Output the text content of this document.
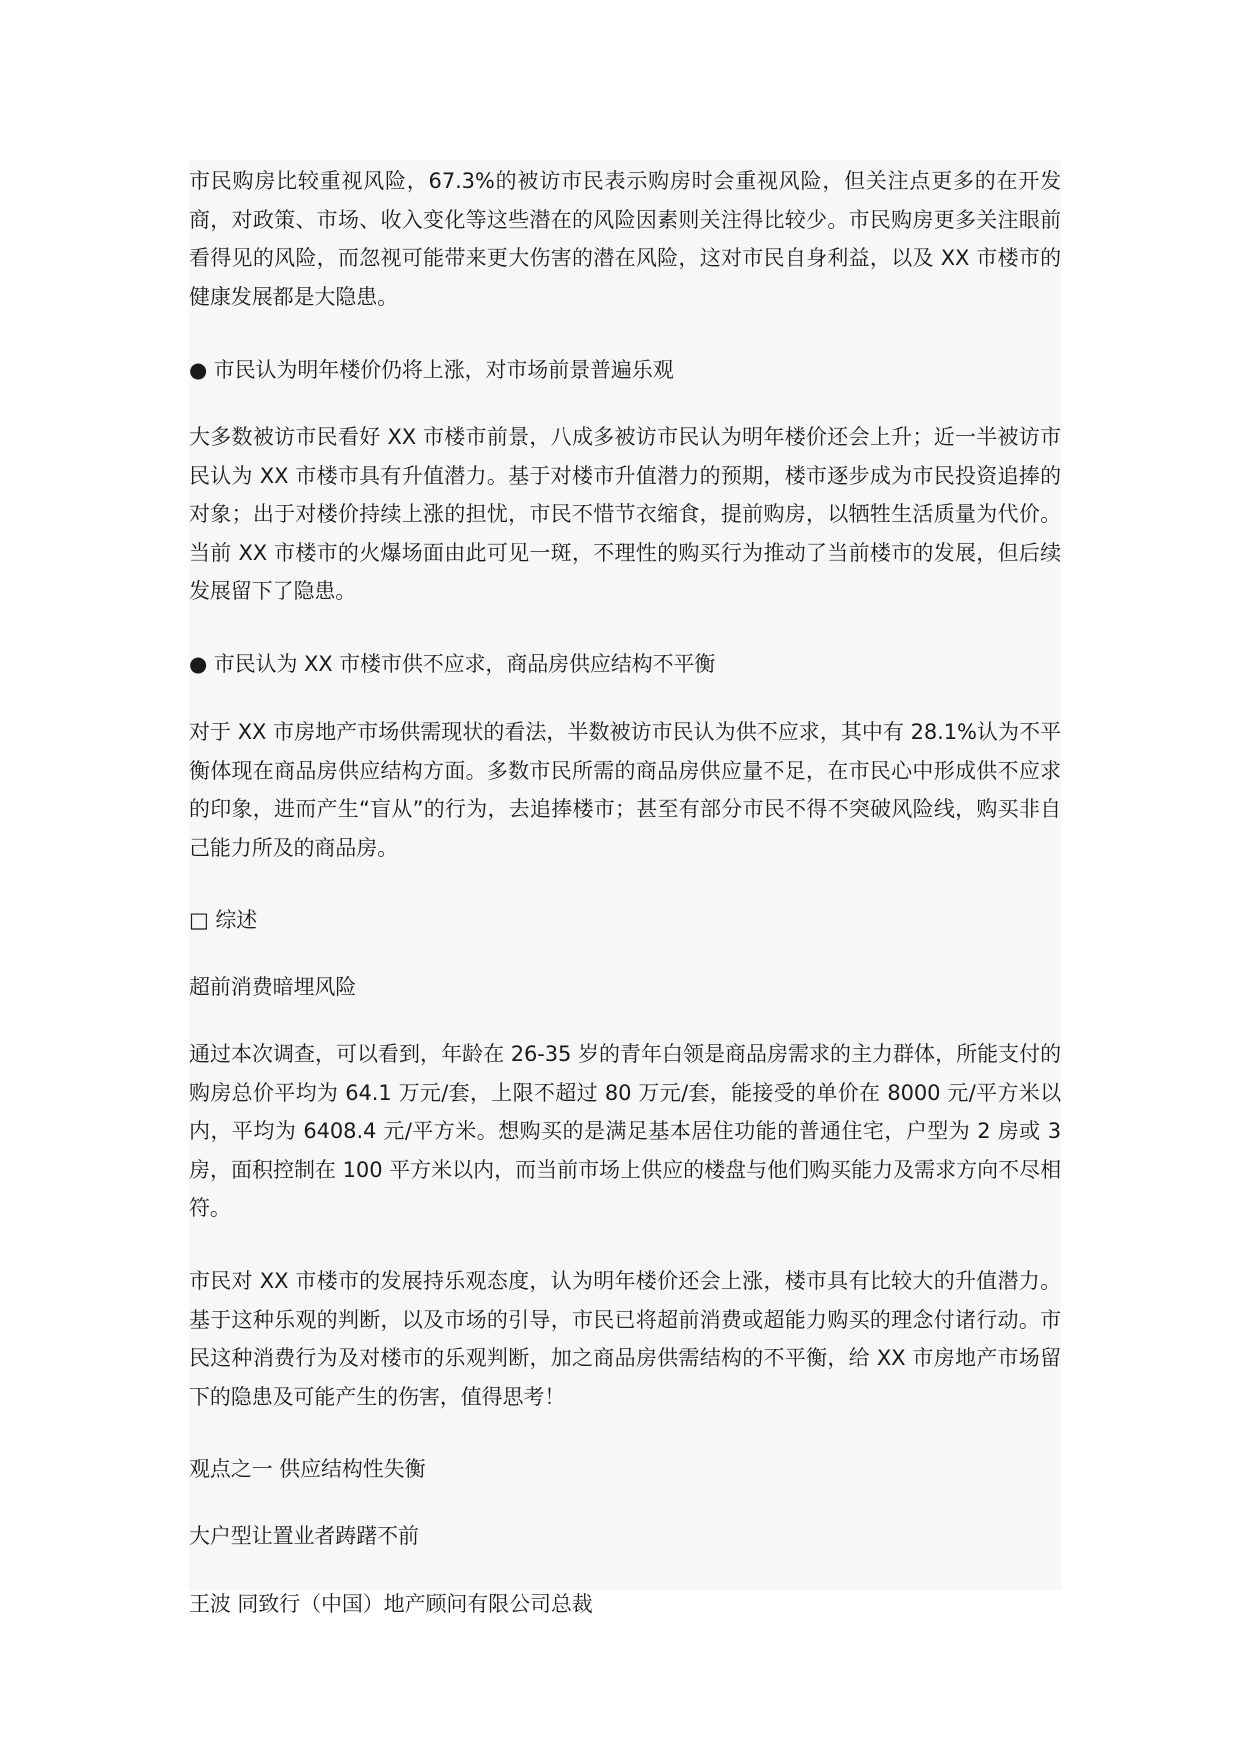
市民购房比较重视风险，67.3%的被访市民表示购房时会重视风险，但关注点更多的在开发商，对政策、市场、收入变化等这些潜在的风险因素则关注得比较少。市民购房更多关注眼前看得见的风险，而忽视可能带来更大伤害的潜在风险，这对市民自身利益，以及 XX 市楼市的健康发展都是大隐患。

● 市民认为明年楼价仍将上涨，对市场前景普遍乐观

大多数被访市民看好 XX 市楼市前景，八成多被访市民认为明年楼价还会上升；近一半被访市民认为 XX 市楼市具有升值潜力。基于对楼市升值潜力的预期，楼市逐步成为市民投资追捧的对象；出于对楼价持续上涨的担忧，市民不惜节衣缩食，提前购房，以牺牲生活质量为代价。当前 XX 市楼市的火爆场面由此可见一斑，不理性的购买行为推动了当前楼市的发展，但后续发展留下了隐患。

● 市民认为 XX 市楼市供不应求，商品房供应结构不平衡

对于 XX 市房地产市场供需现状的看法，半数被访市民认为供不应求，其中有 28.1%认为不平衡体现在商品房供应结构方面。多数市民所需的商品房供应量不足，在市民心中形成供不应求的印象，进而产生“盲从”的行为，去追捧楼市；甚至有部分市民不得不突破风险线，购买非自己能力所及的商品房。

□ 综述

超前消费暗埋风险

通过本次调查，可以看到，年龄在 26-35 岁的青年白领是商品房需求的主力群体，所能支付的购房总价平均为 64.1 万元/套，上限不超过 80 万元/套，能接受的单价在 8000 元/平方米以内，平均为 6408.4 元/平方米。想购买的是满足基本居住功能的普通住宅，户型为 2 房或 3 房，面积控制在 100 平方米以内，而当前市场上供应的楼盘与他们购买能力及需求方向不尽相符。

市民对 XX 市楼市的发展持乐观态度，认为明年楼价还会上涨，楼市具有比较大的升值潜力。基于这种乐观的判断，以及市场的引导，市民已将超前消费或超能力购买的理念付诸行动。市民这种消费行为及对楼市的乐观判断，加之商品房供需结构的不平衡，给 XX 市房地产市场留下的隐患及可能产生的伤害，值得思考！

观点之一 供应结构性失衡

大户型让置业者踌躇不前

王波 同致行（中国）地产顾问有限公司总裁
